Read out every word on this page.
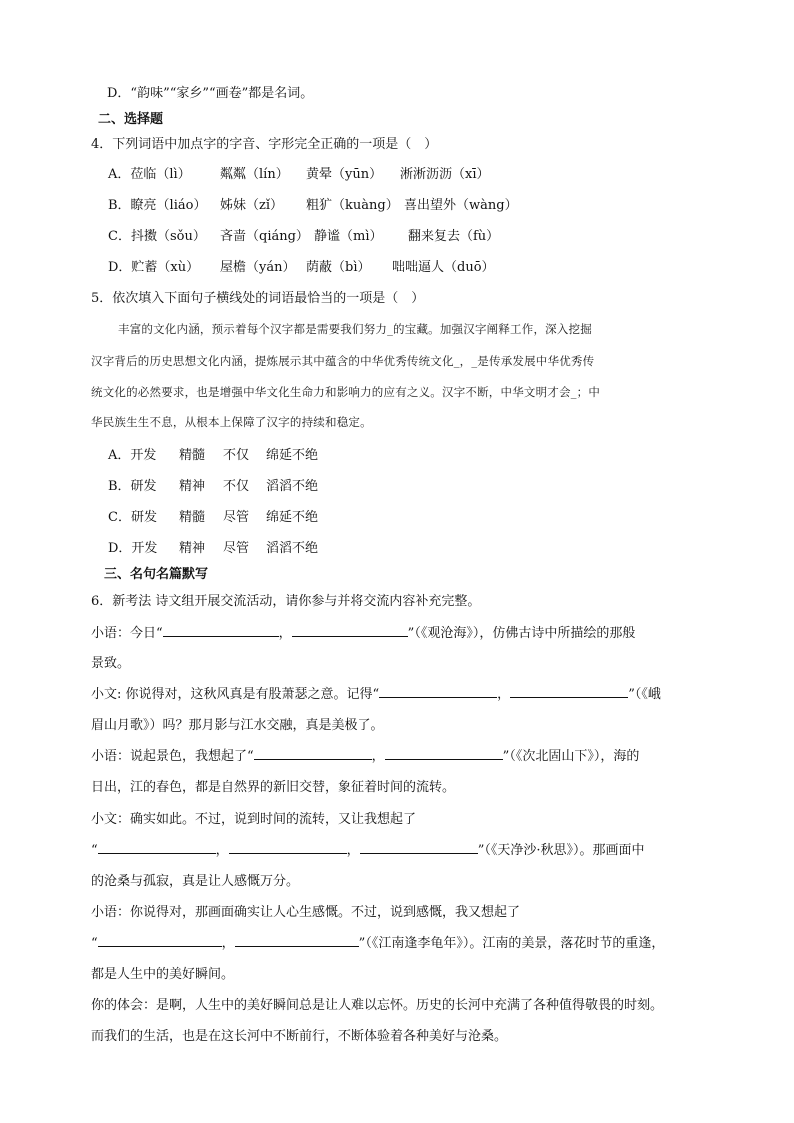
D．“韵味”“家乡”“画卷”都是名词。
二、选择题
4．下列词语中加点字的字音、字形完全正确的一项是（　）
A．莅临（lì） 粼粼（lín） 黄晕（yūn） 淅淅沥沥（xī）
B．瞭亮（liáo） 姊妹（zǐ） 粗犷（kuàng） 喜出望外（wàng）
C．抖擞（sǒu） 吝啬（qiáng） 静谧（mì） 翻来复去（fù）
D．贮蓄（xù） 屋檐（yán） 荫蔽（bì） 咄咄逼人（duō）
5．依次填入下面句子横线处的词语最恰当的一项是（　）
丰富的文化内涵，预示着每个汉字都是需要我们努力_的宝藏。加强汉字阐释工作，深入挖掘
汉字背后的历史思想文化内涵，提炼展示其中蕴含的中华优秀传统文化_，_是传承发展中华优秀传
统文化的必然要求，也是增强中华文化生命力和影响力的应有之义。汉字不断，中华文明才会_；中
华民族生生不息，从根本上保障了汉字的持续和稳定。
A．开发 精髓 不仅 绵延不绝
B．研发 精神 不仅 滔滔不绝
C．研发 精髓 尽管 绵延不绝
D．开发 精神 尽管 滔滔不绝
三、名句名篇默写
6．新考法 诗文组开展交流活动，请你参与并将交流内容补充完整。
小语：今日“	，	”（《观沧海》），仿佛古诗中所描绘的那般
景致。
小文: 你说得对，这秋风真是有股萧瑟之意。记得“	，	”（《峨
眉山月歌》）吗？那月影与江水交融，真是美极了。
小语：说起景色，我想起了“	，	”（《次北固山下》），海的
日出，江的春色，都是自然界的新旧交替，象征着时间的流转。
小文：确实如此。不过，说到时间的流转，又让我想起了
“	，	，	”（《天净沙·秋思》）。那画面中
的沧桑与孤寂，真是让人感慨万分。
小语：你说得对，那画面确实让人心生感慨。不过，说到感慨，我又想起了
“	，	”（《江南逢李龟年》）。江南的美景，落花时节的重逢，
都是人生中的美好瞬间。
你的体会：是啊，人生中的美好瞬间总是让人难以忘怀。历史的长河中充满了各种值得敬畏的时刻。
而我们的生活，也是在这长河中不断前行，不断体验着各种美好与沧桑。
